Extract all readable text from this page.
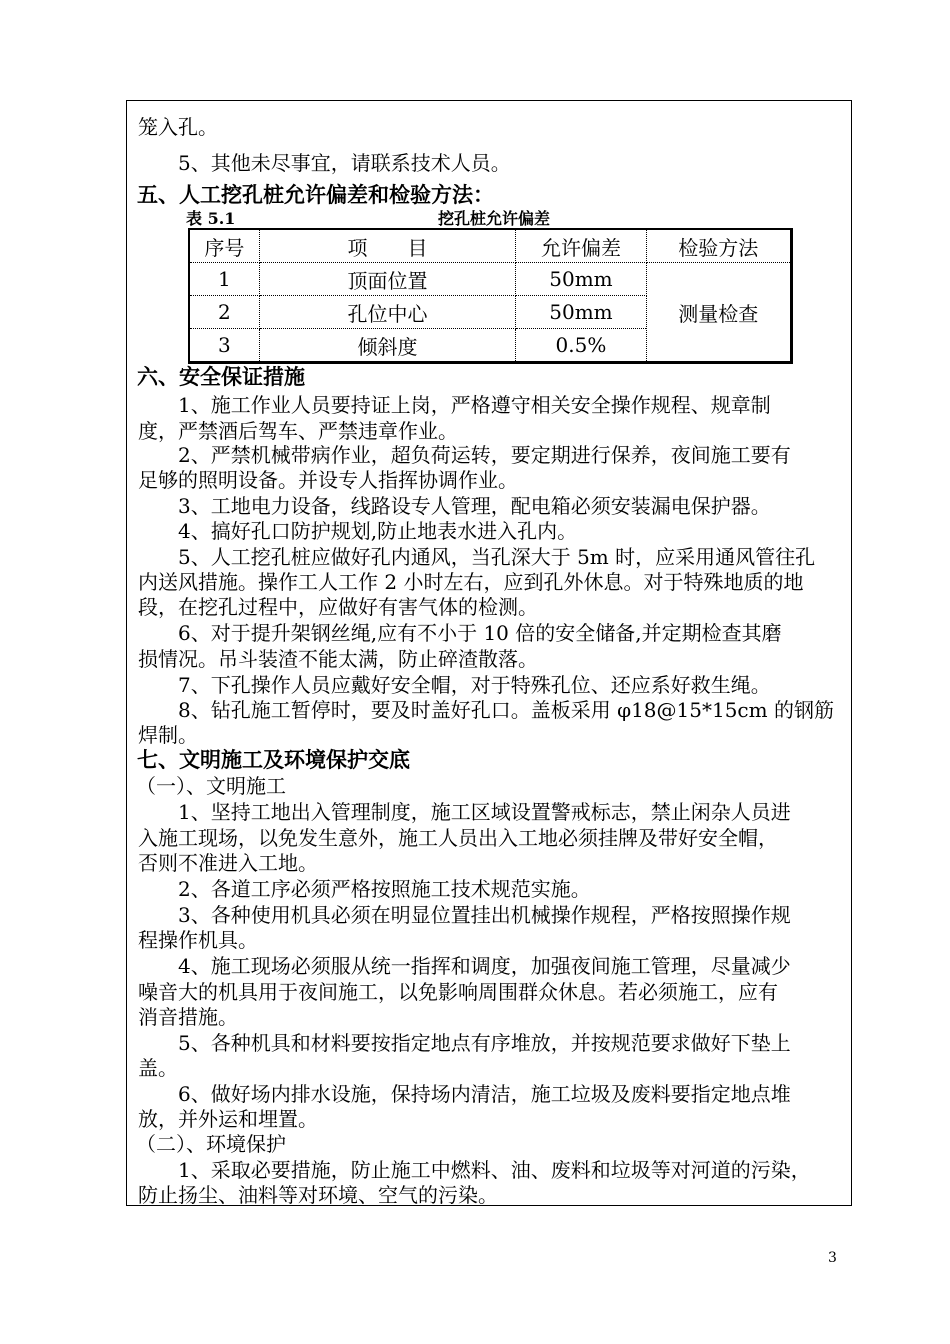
笼入孔。
5、其他未尽事宜，请联系技术人员。
五、人工挖孔桩允许偏差和检验方法：
表 5.1	挖孔桩允许偏差
序号	项　　目	允许偏差	检验方法
1	顶面位置	50mm	测量检查
2	孔位中心	50mm	
3	倾斜度	0.5%	
六、安全保证措施
1、施工作业人员要持证上岗，严格遵守相关安全操作规程、规章制
度，严禁酒后驾车、严禁违章作业。
2、严禁机械带病作业，超负荷运转，要定期进行保养，夜间施工要有
足够的照明设备。并设专人指挥协调作业。
3、工地电力设备，线路设专人管理，配电箱必须安装漏电保护器。
4、搞好孔口防护规划,防止地表水进入孔内。
5、人工挖孔桩应做好孔内通风，当孔深大于 5m 时，应采用通风管往孔
内送风措施。操作工人工作 2 小时左右，应到孔外休息。对于特殊地质的地
段，在挖孔过程中，应做好有害气体的检测。
6、对于提升架钢丝绳,应有不小于 10 倍的安全储备,并定期检查其磨
损情况。吊斗装渣不能太满，防止碎渣散落。
7、下孔操作人员应戴好安全帽，对于特殊孔位、还应系好救生绳。
8、钻孔施工暂停时，要及时盖好孔口。盖板采用 φ18@15*15cm 的钢筋
焊制。
七、文明施工及环境保护交底
（一）、文明施工
1、坚持工地出入管理制度，施工区域设置警戒标志，禁止闲杂人员进
入施工现场，以免发生意外，施工人员出入工地必须挂牌及带好安全帽，
否则不准进入工地。
2、各道工序必须严格按照施工技术规范实施。
3、各种使用机具必须在明显位置挂出机械操作规程，严格按照操作规
程操作机具。
4、施工现场必须服从统一指挥和调度，加强夜间施工管理，尽量减少
噪音大的机具用于夜间施工，以免影响周围群众休息。若必须施工，应有
消音措施。
5、各种机具和材料要按指定地点有序堆放，并按规范要求做好下垫上
盖。
6、做好场内排水设施，保持场内清洁，施工垃圾及废料要指定地点堆
放，并外运和埋置。
（二）、环境保护
1、采取必要措施，防止施工中燃料、油、废料和垃圾等对河道的污染，
防止扬尘、油料等对环境、空气的污染。
3
